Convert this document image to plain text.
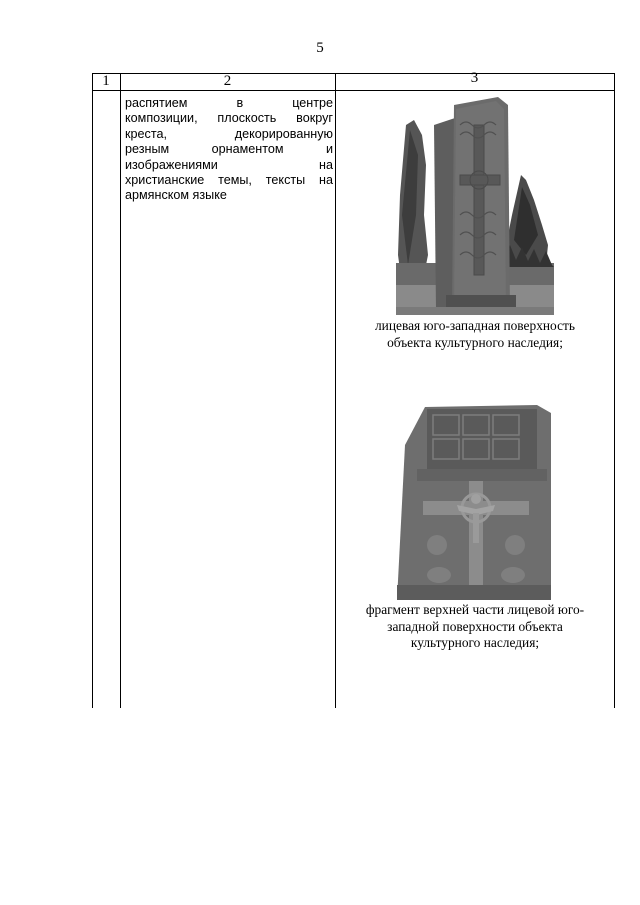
5
1	2	3
распятием в центре
композиции, плоскость вокруг
креста, декорированную
резным орнаментом и
изображениями на
христианские темы, тексты на
армянском языке
лицевая юго-западная поверхность
объекта культурного наследия;
фрагмент верхней части лицевой юго-
западной поверхности объекта
культурного наследия;
